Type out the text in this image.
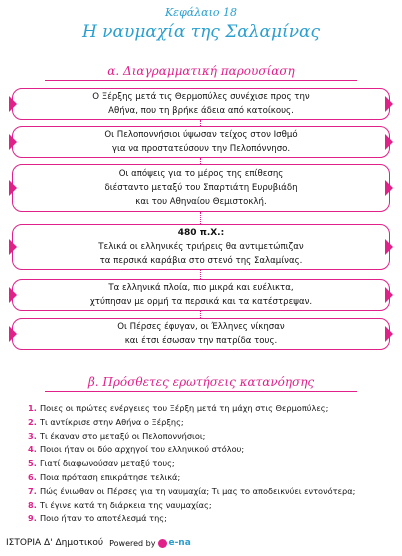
Κεφάλαιο 18
Η ναυμαχία της Σαλαμίνας
α. Διαγραμματική παρουσίαση
Ο Ξέρξης μετά τις Θερμοπύλες συνέχισε προς την
Αθήνα, που τη βρήκε άδεια από κατοίκους.
Οι Πελοποννήσιοι ύψωσαν τείχος στον Ισθμό
για να προστατεύσουν την Πελοπόννησο.
Οι απόψεις για το μέρος της επίθεσης
διέσταντο μεταξύ του Σπαρτιάτη Ευρυβιάδη
και του Αθηναίου Θεμιστοκλή.
480 π.Χ.:
Τελικά οι ελληνικές τριήρεις θα αντιμετώπιζαν
τα περσικά καράβια στο στενό της Σαλαμίνας.
Τα ελληνικά πλοία, πιο μικρά και ευέλικτα,
χτύπησαν με ορμή τα περσικά και τα κατέστρεψαν.
Οι Πέρσες έφυγαν, οι Έλληνες νίκησαν
και έτσι έσωσαν την πατρίδα τους.
β. Πρόσθετες ερωτήσεις κατανόησης
1. Ποιες οι πρώτες ενέργειες του Ξέρξη μετά τη μάχη στις Θερμοπύλες;
2. Τι αντίκρισε στην Αθήνα ο Ξέρξης;
3. Τι έκαναν στο μεταξύ οι Πελοποννήσιοι;
4. Ποιοι ήταν οι δύο αρχηγοί του ελληνικού στόλου;
5. Γιατί διαφωνούσαν μεταξύ τους;
6. Ποια πρόταση επικράτησε τελικά;
7. Πώς ένιωθαν οι Πέρσες για τη ναυμαχία; Τι μας το αποδεικνύει εντονότερα;
8. Τι έγινε κατά τη διάρκεια της ναυμαχίας;
9. Ποιο ήταν το αποτέλεσμά της;
ΙΣΤΟΡΙΑ Δ' Δημοτικού Powered by e-na
